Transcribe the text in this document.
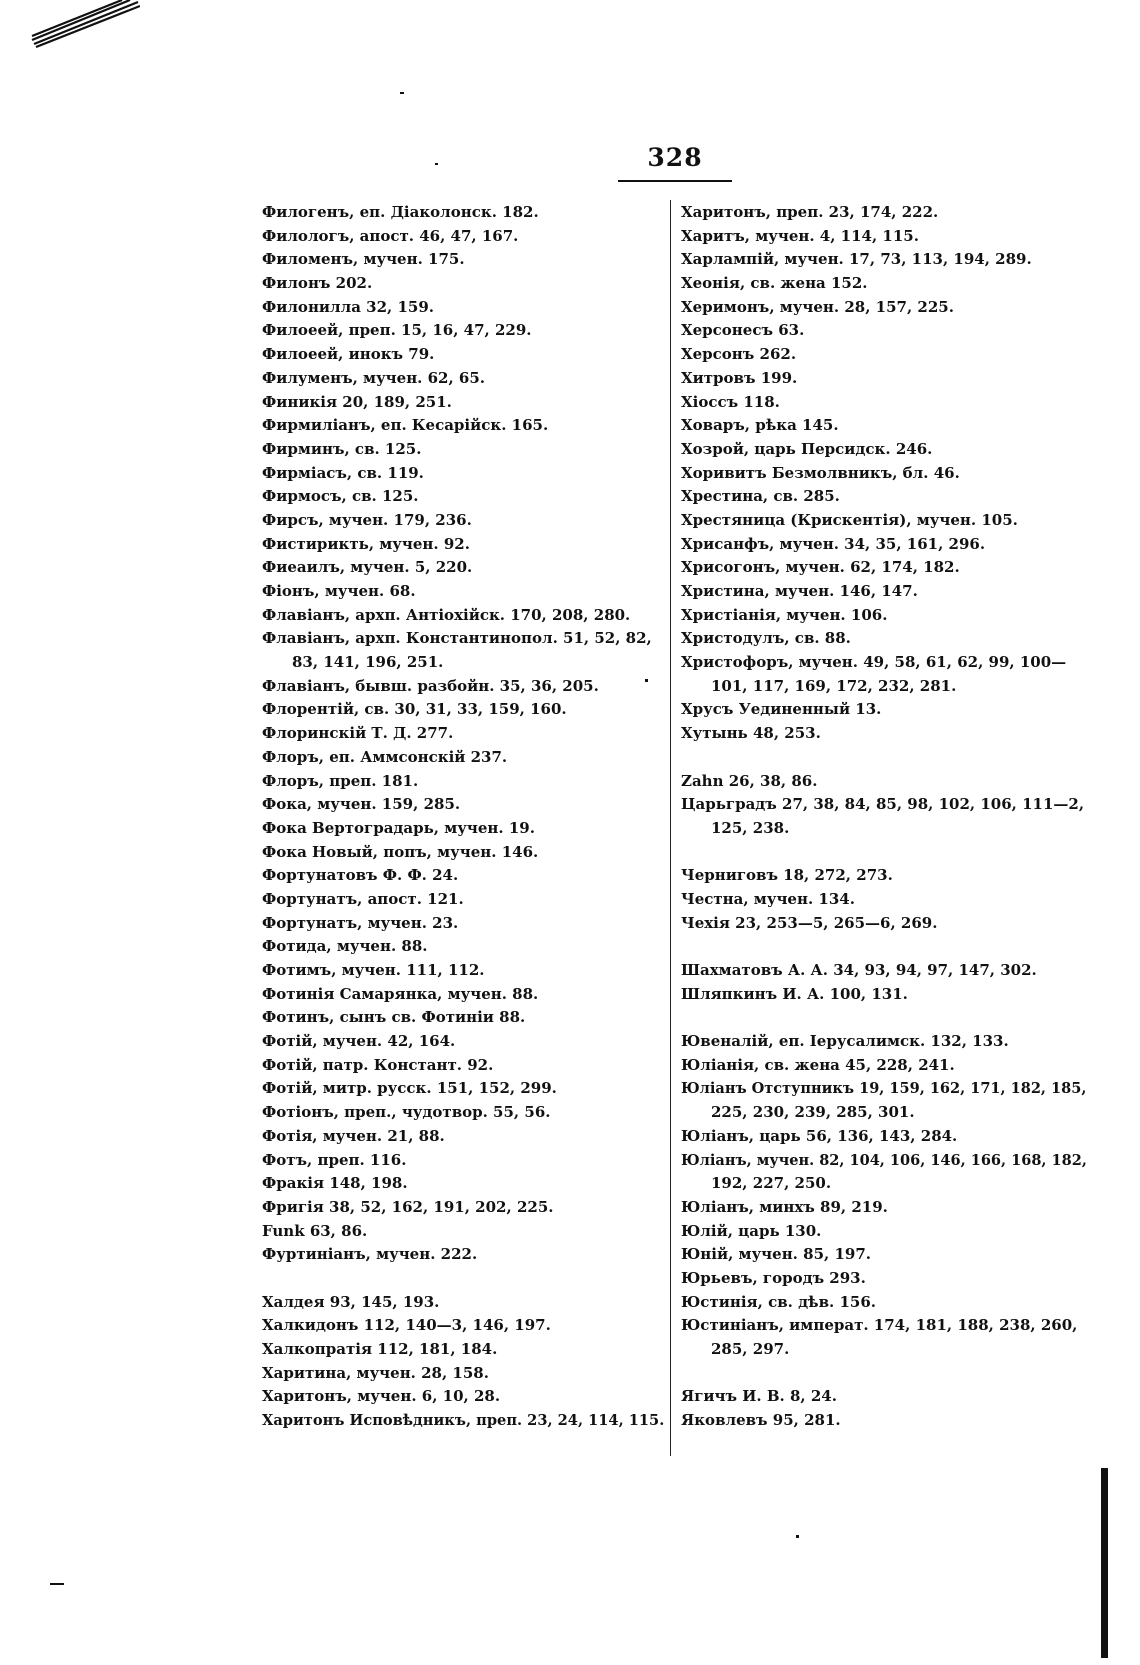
328
Филогенъ, еп. Діаколонск. 182.
Филологъ, апост. 46, 47, 167.
Филоменъ, мучен. 175.
Филонъ 202.
Филонилла 32, 159.
Филоеей, преп. 15, 16, 47, 229.
Филоеей, инокъ 79.
Филуменъ, мучен. 62, 65.
Финикія 20, 189, 251.
Фирмиліанъ, еп. Кесарійск. 165.
Фирминъ, св. 125.
Фирміасъ, св. 119.
Фирмосъ, св. 125.
Фирсъ, мучен. 179, 236.
Фистирикть, мучен. 92.
Фиеаилъ, мучен. 5, 220.
Фіонъ, мучен. 68.
Флавіанъ, архп. Антіохійск. 170, 208, 280.
Флавіанъ, архп. Константинопол. 51, 52, 82,
83, 141, 196, 251.
Флавіанъ, бывш. разбойн. 35, 36, 205.
Флорентій, св. 30, 31, 33, 159, 160.
Флоринскій Т. Д. 277.
Флоръ, еп. Аммсонскій 237.
Флоръ, преп. 181.
Фока, мучен. 159, 285.
Фока Вертоградарь, мучен. 19.
Фока Новый, попъ, мучен. 146.
Фортунатовъ Ф. Ф. 24.
Фортунатъ, апост. 121.
Фортунатъ, мучен. 23.
Фотида, мучен. 88.
Фотимъ, мучен. 111, 112.
Фотинія Самарянка, мучен. 88.
Фотинъ, сынъ св. Фотиніи 88.
Фотій, мучен. 42, 164.
Фотій, патр. Констант. 92.
Фотій, митр. русск. 151, 152, 299.
Фотіонъ, преп., чудотвор. 55, 56.
Фотія, мучен. 21, 88.
Фотъ, преп. 116.
Фракія 148, 198.
Фригія 38, 52, 162, 191, 202, 225.
Funk 63, 86.
Фуртиніанъ, мучен. 222.
Халдея 93, 145, 193.
Халкидонъ 112, 140—3, 146, 197.
Халкопратія 112, 181, 184.
Харитина, мучен. 28, 158.
Харитонъ, мучен. 6, 10, 28.
Харитонъ Исповѣдникъ, преп. 23, 24, 114, 115.
Харитонъ, преп. 23, 174, 222.
Харитъ, мучен. 4, 114, 115.
Харлампій, мучен. 17, 73, 113, 194, 289.
Хеонія, св. жена 152.
Херимонъ, мучен. 28, 157, 225.
Херсонесъ 63.
Херсонъ 262.
Хитровъ 199.
Хіоссъ 118.
Ховаръ, рѣка 145.
Хозрой, царь Персидск. 246.
Хоривитъ Безмолвникъ, бл. 46.
Хрестина, св. 285.
Хрестяница (Крискентія), мучен. 105.
Хрисанфъ, мучен. 34, 35, 161, 296.
Хрисогонъ, мучен. 62, 174, 182.
Христина, мучен. 146, 147.
Христіанія, мучен. 106.
Христодулъ, св. 88.
Христофоръ, мучен. 49, 58, 61, 62, 99, 100—
101, 117, 169, 172, 232, 281.
Хрусъ Уединенный 13.
Хутынь 48, 253.
Zahn 26, 38, 86.
Царьградъ 27, 38, 84, 85, 98, 102, 106, 111—2,
125, 238.
Черниговъ 18, 272, 273.
Честна, мучен. 134.
Чехія 23, 253—5, 265—6, 269.
Шахматовъ А. А. 34, 93, 94, 97, 147, 302.
Шляпкинъ И. А. 100, 131.
Ювеналій, еп. Іерусалимск. 132, 133.
Юліанія, св. жена 45, 228, 241.
Юліанъ Отступникъ 19, 159, 162, 171, 182, 185,
225, 230, 239, 285, 301.
Юліанъ, царь 56, 136, 143, 284.
Юліанъ, мучен. 82, 104, 106, 146, 166, 168, 182,
192, 227, 250.
Юліанъ, минхъ 89, 219.
Юлій, царь 130.
Юній, мучен. 85, 197.
Юрьевъ, городъ 293.
Юстинія, св. дѣв. 156.
Юстиніанъ, императ. 174, 181, 188, 238, 260,
285, 297.
Ягичъ И. В. 8, 24.
Яковлевъ 95, 281.
